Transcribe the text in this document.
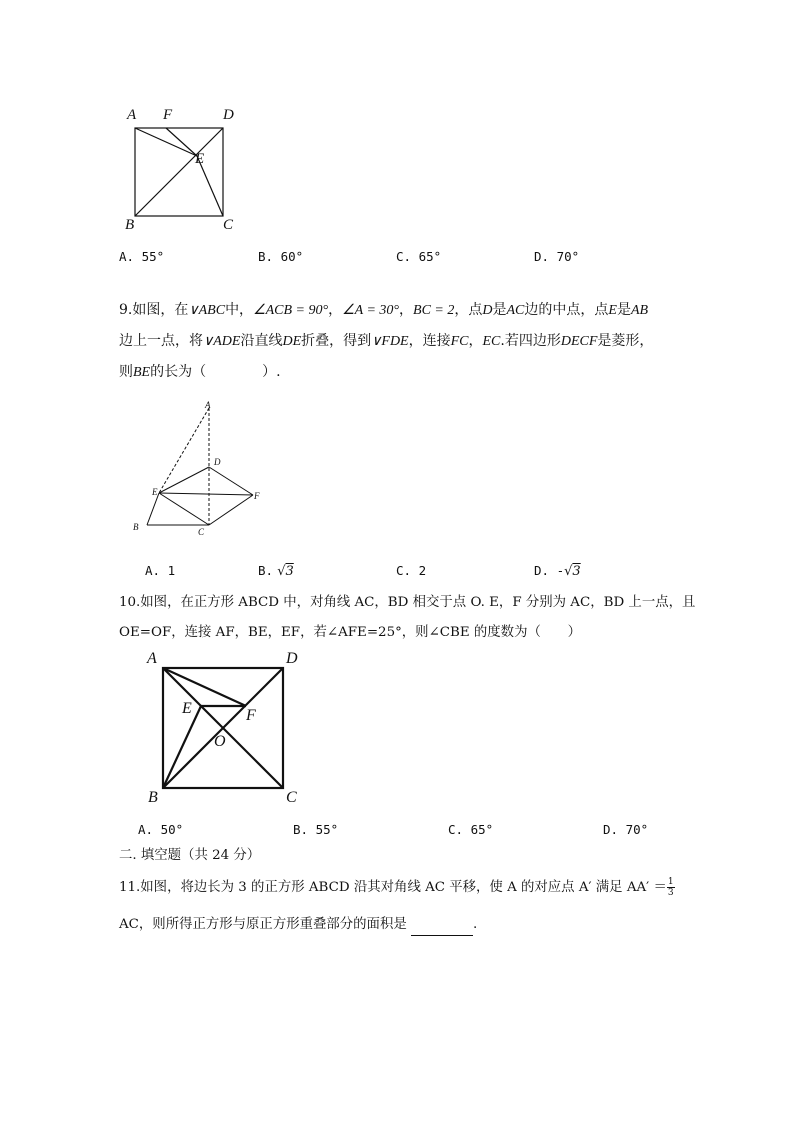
A F	D
E
B	C
A. 55°	B. 60°	C. 65°	D. 70°
9.如图，在∨ABC中，∠ACB = 90°，∠A = 30°，BC = 2，点D是AC边的中点，点E是AB
边上一点，将∨ADE沿直线DE折叠，得到∨FDE，连接FC，EC.若四边形DECF是菱形，
则BE的长为（　　　　）.
A
D
E	F
B	C
A. 1	B. √3	C. 2	D. -√3
10.如图，在正方形 ABCD 中，对角线 AC，BD 相交于点 O. E，F 分别为 AC，BD 上一点，且
OE=OF，连接 AF，BE，EF，若∠AFE=25°，则∠CBE 的度数为（　　）
A	D
E	F
O
B	C
A. 50°	B. 55°	C. 65°	D. 70°
二. 填空题（共 24 分）
11.如图，将边长为 3 的正方形 ABCD 沿其对角线 AC 平移，使 A 的对应点 A′ 满足 $AA' = \frac{1}{3}$
AC，则所得正方形与原正方形重叠部分的面积是	.
